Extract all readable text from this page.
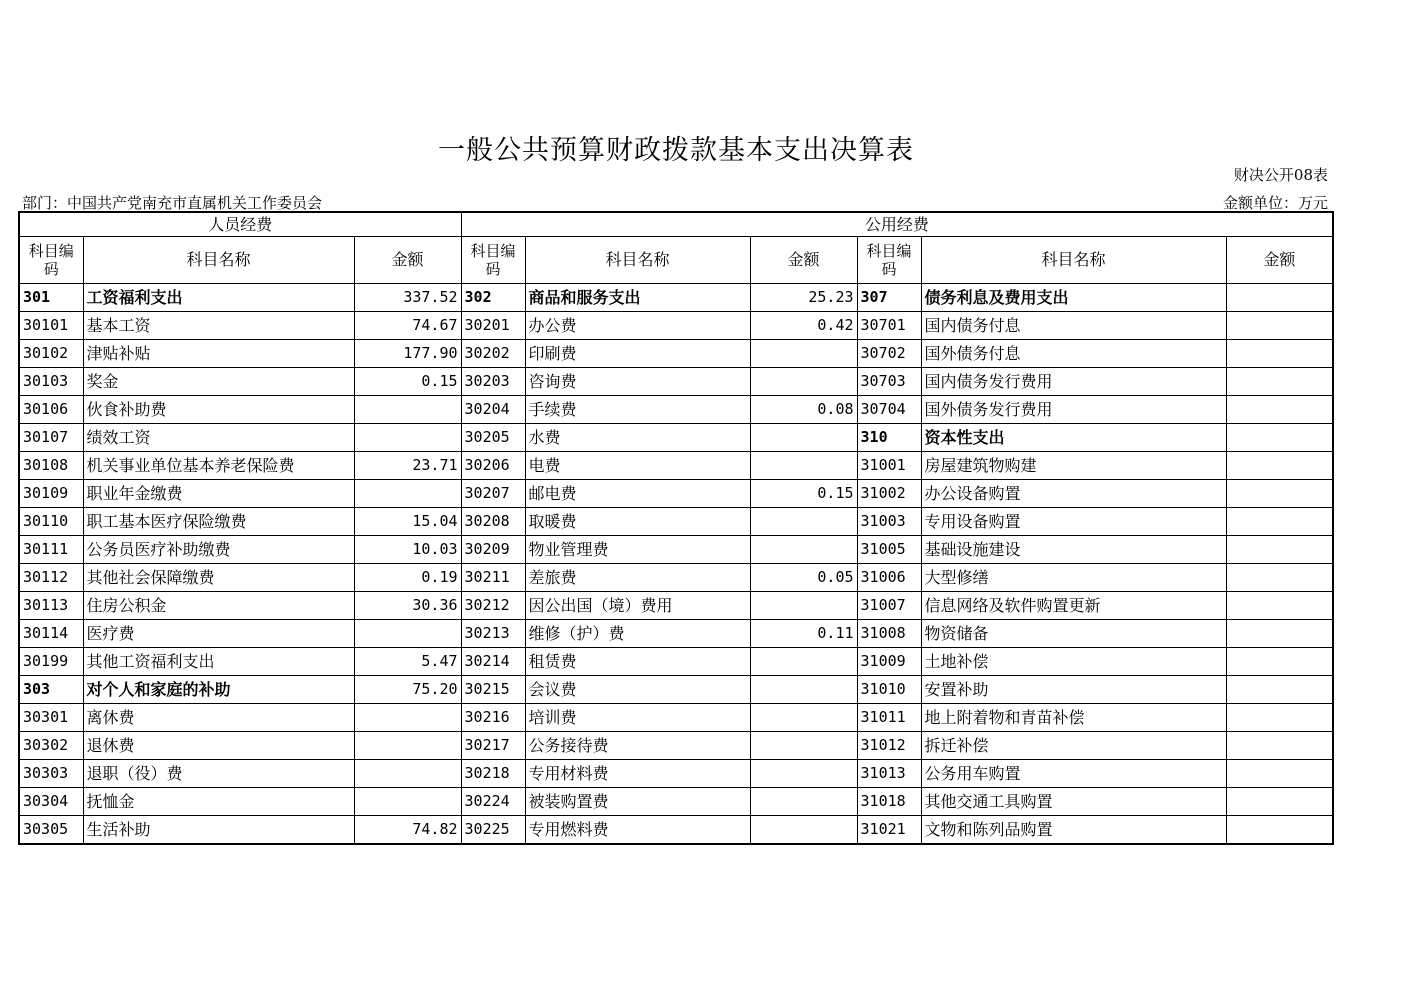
一般公共预算财政拨款基本支出决算表
财决公开08表
部门：中国共产党南充市直属机关工作委员会	金额单位：万元
人员经费			公用经费					
科目编码	科目名称	金额	科目编码	科目名称	金额	科目编码	科目名称	金额
301	工资福利支出	337.52	302	商品和服务支出	25.23	307	债务利息及费用支出	
30101	基本工资	74.67	30201	办公费	0.42	30701	国内债务付息	
30102	津贴补贴	177.90	30202	印刷费		30702	国外债务付息	
30103	奖金	0.15	30203	咨询费		30703	国内债务发行费用	
30106	伙食补助费		30204	手续费	0.08	30704	国外债务发行费用	
30107	绩效工资		30205	水费		310	资本性支出	
30108	机关事业单位基本养老保险费	23.71	30206	电费		31001	房屋建筑物购建	
30109	职业年金缴费		30207	邮电费	0.15	31002	办公设备购置	
30110	职工基本医疗保险缴费	15.04	30208	取暖费		31003	专用设备购置	
30111	公务员医疗补助缴费	10.03	30209	物业管理费		31005	基础设施建设	
30112	其他社会保障缴费	0.19	30211	差旅费	0.05	31006	大型修缮	
30113	住房公积金	30.36	30212	因公出国（境）费用		31007	信息网络及软件购置更新	
30114	医疗费		30213	维修（护）费	0.11	31008	物资储备	
30199	其他工资福利支出	5.47	30214	租赁费		31009	土地补偿	
303	对个人和家庭的补助	75.20	30215	会议费		31010	安置补助	
30301	离休费		30216	培训费		31011	地上附着物和青苗补偿	
30302	退休费		30217	公务接待费		31012	拆迁补偿	
30303	退职（役）费		30218	专用材料费		31013	公务用车购置	
30304	抚恤金		30224	被装购置费		31018	其他交通工具购置	
30305	生活补助	74.82	30225	专用燃料费		31021	文物和陈列品购置	
